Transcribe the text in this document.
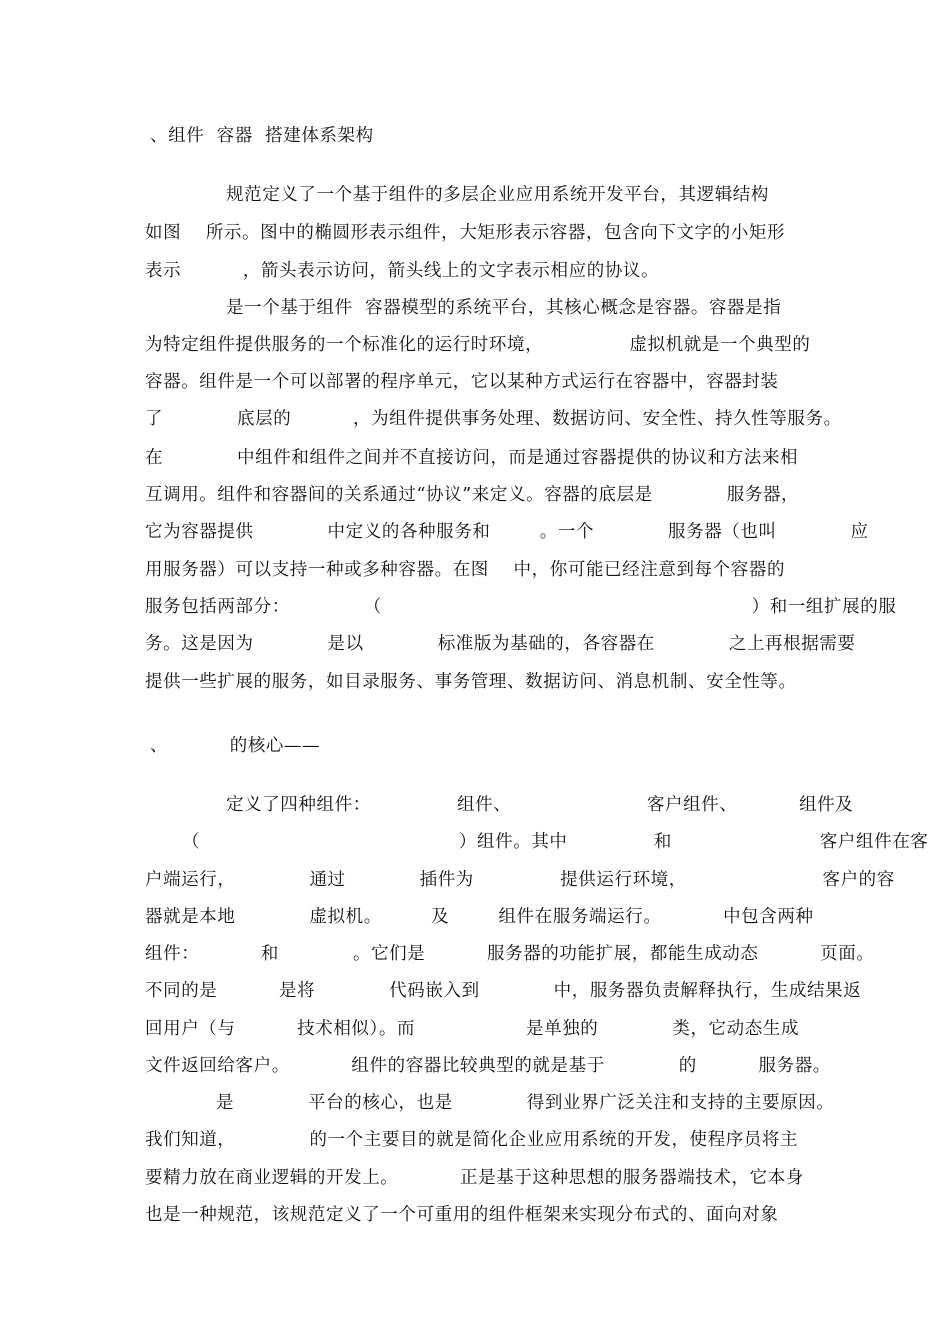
、组件  容器  搭建体系架构
规范定义了一个基于组件的多层企业应用系统开发平台，其逻辑结构
如图    所示。图中的椭圆形表示组件，大矩形表示容器，包含向下文字的小矩形
表示          ，箭头表示访问，箭头线上的文字表示相应的协议。
是一个基于组件  容器模型的系统平台，其核心概念是容器。容器是指
为特定组件提供服务的一个标准化的运行时环境，              虚拟机就是一个典型的
容器。组件是一个可以部署的程序单元，它以某种方式运行在容器中，容器封装
了            底层的          ，为组件提供事务处理、数据访问、安全性、持久性等服务。
在            中组件和组件之间并不直接访问，而是通过容器提供的协议和方法来相
互调用。组件和容器间的关系通过“协议”来定义。容器的底层是            服务器，
它为容器提供            中定义的各种服务和        。一个            服务器（也叫            应
用服务器）可以支持一种或多种容器。在图    中，你可能已经注意到每个容器的
服务包括两部分：            （                                                            ）和一组扩展的服
务。这是因为            是以            标准版为基础的，各容器在            之上再根据需要
提供一些扩展的服务，如目录服务、事务管理、数据访问、消息机制、安全性等。
、          的核心——
定义了四种组件：              组件、                      客户组件、          组件及
（                                          ）组件。其中              和                        客户组件在客
户端运行，            通过            插件为              提供运行环境，                      客户的容
器就是本地            虚拟机。        及        组件在服务端运行。          中包含两种
组件：          和            。它们是          服务器的功能扩展，都能生成动态          页面。
不同的是          是将            代码嵌入到            中，服务器负责解释执行，生成结果返
回用户（与          技术相似）。而                  是单独的            类，它动态生成
文件返回给客户。          组件的容器比较典型的就是基于            的          服务器。
是            平台的核心，也是            得到业界广泛关注和支持的主要原因。
我们知道，            的一个主要目的就是简化企业应用系统的开发，使程序员将主
要精力放在商业逻辑的开发上。          正是基于这种思想的服务器端技术，它本身
也是一种规范，该规范定义了一个可重用的组件框架来实现分布式的、面向对象
